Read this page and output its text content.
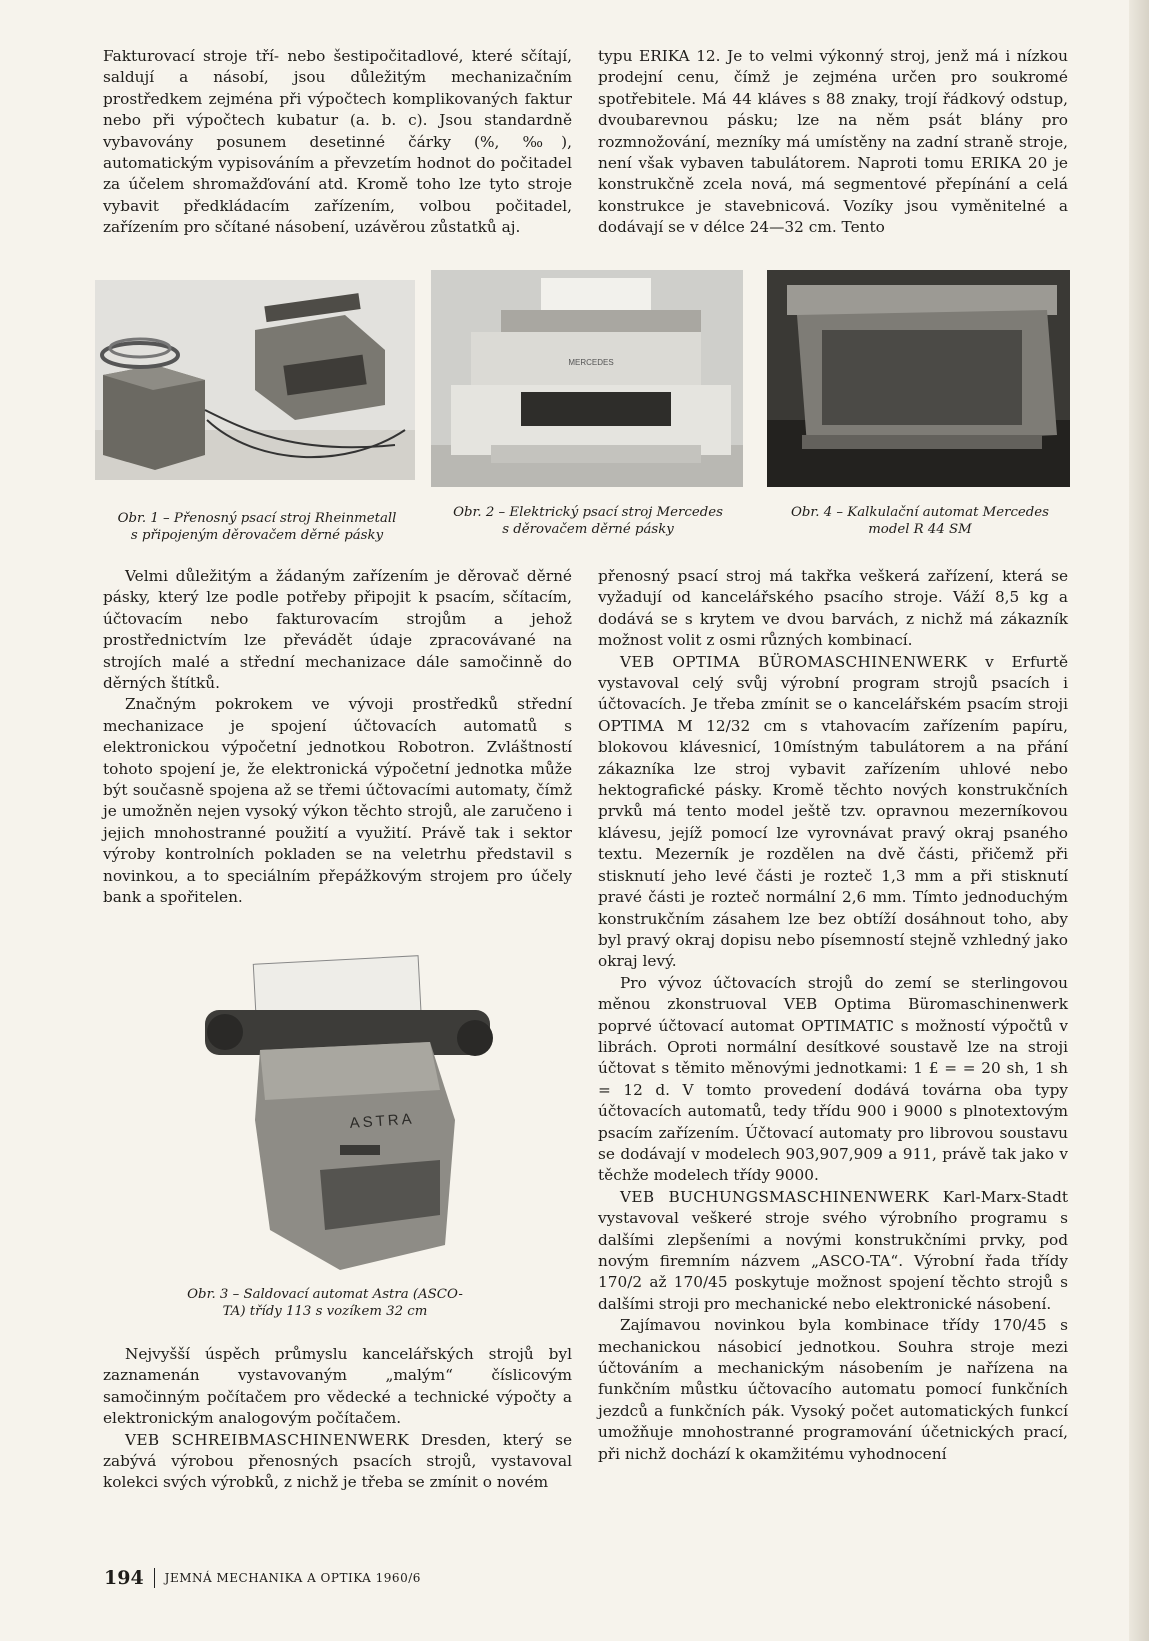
Fakturovací stroje tří- nebo šestipočitadlové, které sčítají, saldují a násobí, jsou důležitým mechanizačním prostředkem zejména při výpočtech komplikovaných faktur nebo při výpočtech kubatur (a. b. c). Jsou standardně vybavovány posunem desetinné čárky (%, ‰), automatickým vypisováním a převzetím hodnot do počitadel za účelem shromažďování atd. Kromě toho lze tyto stroje vybavit předkládacím zařízením, volbou počitadel, zařízením pro sčítané násobení, uzávěrou zůstatků aj.

typu ERIKA 12. Je to velmi výkonný stroj, jenž má i nízkou prodejní cenu, čímž je zejména určen pro soukromé spotřebitele. Má 44 kláves s 88 znaky, trojí řádkový odstup, dvoubarevnou pásku; lze na něm psát blány pro rozmnožování, mezníky má umístěny na zadní straně stroje, není však vybaven tabulátorem. Naproti tomu ERIKA 20 je konstrukčně zcela nová, má segmentové přepínání a celá konstrukce je stavebnicová. Vozíky jsou vyměnitelné a dodávají se v délce 24—32 cm. Tento

MERCEDES
Obr. 1 – Přenosný psací stroj Rheinmetall
s připojeným děrovačem děrné pásky
Obr. 2 – Elektrický psací stroj Mercedes
s děrovačem děrné pásky
Obr. 4 – Kalkulační automat Mercedes
model R 44 SM

Velmi důležitým a žádaným zařízením je děrovač děrné pásky, který lze podle potřeby připojit k psacím, sčítacím, účtovacím nebo fakturovacím strojům a jehož prostřednictvím lze převádět údaje zpracovávané na strojích malé a střední mechanizace dále samočinně do děrných štítků.

Značným pokrokem ve vývoji prostředků střední mechanizace je spojení účtovacích automatů s elektronickou výpočetní jednotkou Robotron. Zvláštností tohoto spojení je, že elektronická výpočetní jednotka může být současně spojena až se třemi účtovacími automaty, čímž je umožněn nejen vysoký výkon těchto strojů, ale zaručeno i jejich mnohostranné použití a využití. Právě tak i sektor výroby kontrolních pokladen se na veletrhu představil s novinkou, a to speciálním přepážkovým strojem pro účely bank a spořitelen.

ASTRA
Obr. 3 – Saldovací automat Astra (ASCO-
TA) třídy 113 s vozíkem 32 cm

Nejvyšší úspěch průmyslu kancelářských strojů byl zaznamenán vystavovaným „malým“ číslicovým samočinným počítačem pro vědecké a technické výpočty a elektronickým analogovým počítačem.

VEB SCHREIBMASCHINENWERK Dresden, který se zabývá výrobou přenosných psacích strojů, vystavoval kolekci svých výrobků, z nichž je třeba se zmínit o novém

přenosný psací stroj má takřka veškerá zařízení, která se vyžadují od kancelářského psacího stroje. Váží 8,5 kg a dodává se s krytem ve dvou barvách, z nichž má zákazník možnost volit z osmi různých kombinací.

VEB OPTIMA BÜROMASCHINENWERK v Erfurtě vystavoval celý svůj výrobní program strojů psacích i účtovacích. Je třeba zmínit se o kancelářském psacím stroji OPTIMA M 12/32 cm s vtahovacím zařízením papíru, blokovou klávesnicí, 10místným tabulátorem a na přání zákazníka lze stroj vybavit zařízením uhlové nebo hektografické pásky. Kromě těchto nových konstrukčních prvků má tento model ještě tzv. opravnou mezerníkovou klávesu, jejíž pomocí lze vyrovnávat pravý okraj psaného textu. Mezerník je rozdělen na dvě části, přičemž při stisknutí jeho levé části je rozteč 1,3 mm a při stisknutí pravé části je rozteč normální 2,6 mm. Tímto jednoduchým konstrukčním zásahem lze bez obtíží dosáhnout toho, aby byl pravý okraj dopisu nebo písemností stejně vzhledný jako okraj levý.

Pro vývoz účtovacích strojů do zemí se sterlingovou měnou zkonstruoval VEB Optima Büromaschinenwerk poprvé účtovací automat OPTIMATIC s možností výpočtů v librách. Oproti normální desítkové soustavě lze na stroji účtovat s těmito měnovými jednotkami: 1 £ = = 20 sh, 1 sh = 12 d. V tomto provedení dodává továrna oba typy účtovacích automatů, tedy třídu 900 i 9000 s plnotextovým psacím zařízením. Účtovací automaty pro librovou soustavu se dodávají v modelech 903,907,909 a 911, právě tak jako v těchže modelech třídy 9000.

VEB BUCHUNGSMASCHINENWERK Karl-Marx-Stadt vystavoval veškeré stroje svého výrobního programu s dalšími zlepšeními a novými konstrukčními prvky, pod novým firemním názvem „ASCO-TA“. Výrobní řada třídy 170/2 až 170/45 poskytuje možnost spojení těchto strojů s dalšími stroji pro mechanické nebo elektronické násobení.

Zajímavou novinkou byla kombinace třídy 170/45 s mechanickou násobicí jednotkou. Souhra stroje mezi účtováním a mechanickým násobením je nařízena na funkčním můstku účtovacího automatu pomocí funkčních jezdců a funkčních pák. Vysoký počet automatických funkcí umožňuje mnohostranné programování účetnických prací, při nichž dochází k okamžitému vyhodnocení

194 JEMNÁ MECHANIKA A OPTIKA 1960/6
